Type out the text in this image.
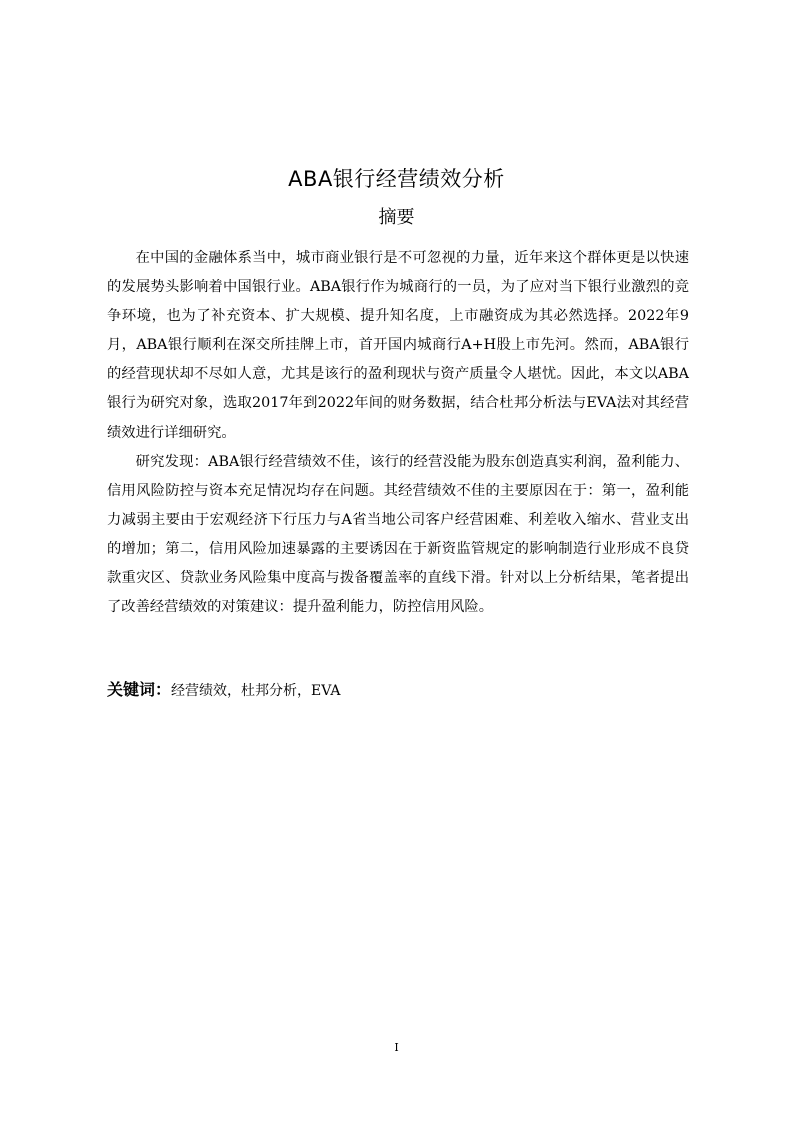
ABA银行经营绩效分析
摘要

在中国的金融体系当中，城市商业银行是不可忽视的力量，近年来这个群体更是以快速的发展势头影响着中国银行业。ABA银行作为城商行的一员，为了应对当下银行业激烈的竞争环境，也为了补充资本、扩大规模、提升知名度，上市融资成为其必然选择。2022年9月，ABA银行顺利在深交所挂牌上市，首开国内城商行A+H股上市先河。然而，ABA银行的经营现状却不尽如人意，尤其是该行的盈利现状与资产质量令人堪忧。因此，本文以ABA银行为研究对象，选取2017年到2022年间的财务数据，结合杜邦分析法与EVA法对其经营绩效进行详细研究。

研究发现：ABA银行经营绩效不佳，该行的经营没能为股东创造真实利润，盈利能力、信用风险防控与资本充足情况均存在问题。其经营绩效不佳的主要原因在于：第一，盈利能力减弱主要由于宏观经济下行压力与A省当地公司客户经营困难、利差收入缩水、营业支出的增加；第二，信用风险加速暴露的主要诱因在于新资监管规定的影响制造行业形成不良贷款重灾区、贷款业务风险集中度高与拨备覆盖率的直线下滑。针对以上分析结果，笔者提出了改善经营绩效的对策建议：提升盈利能力，防控信用风险。

关键词：经营绩效，杜邦分析，EVA
I
